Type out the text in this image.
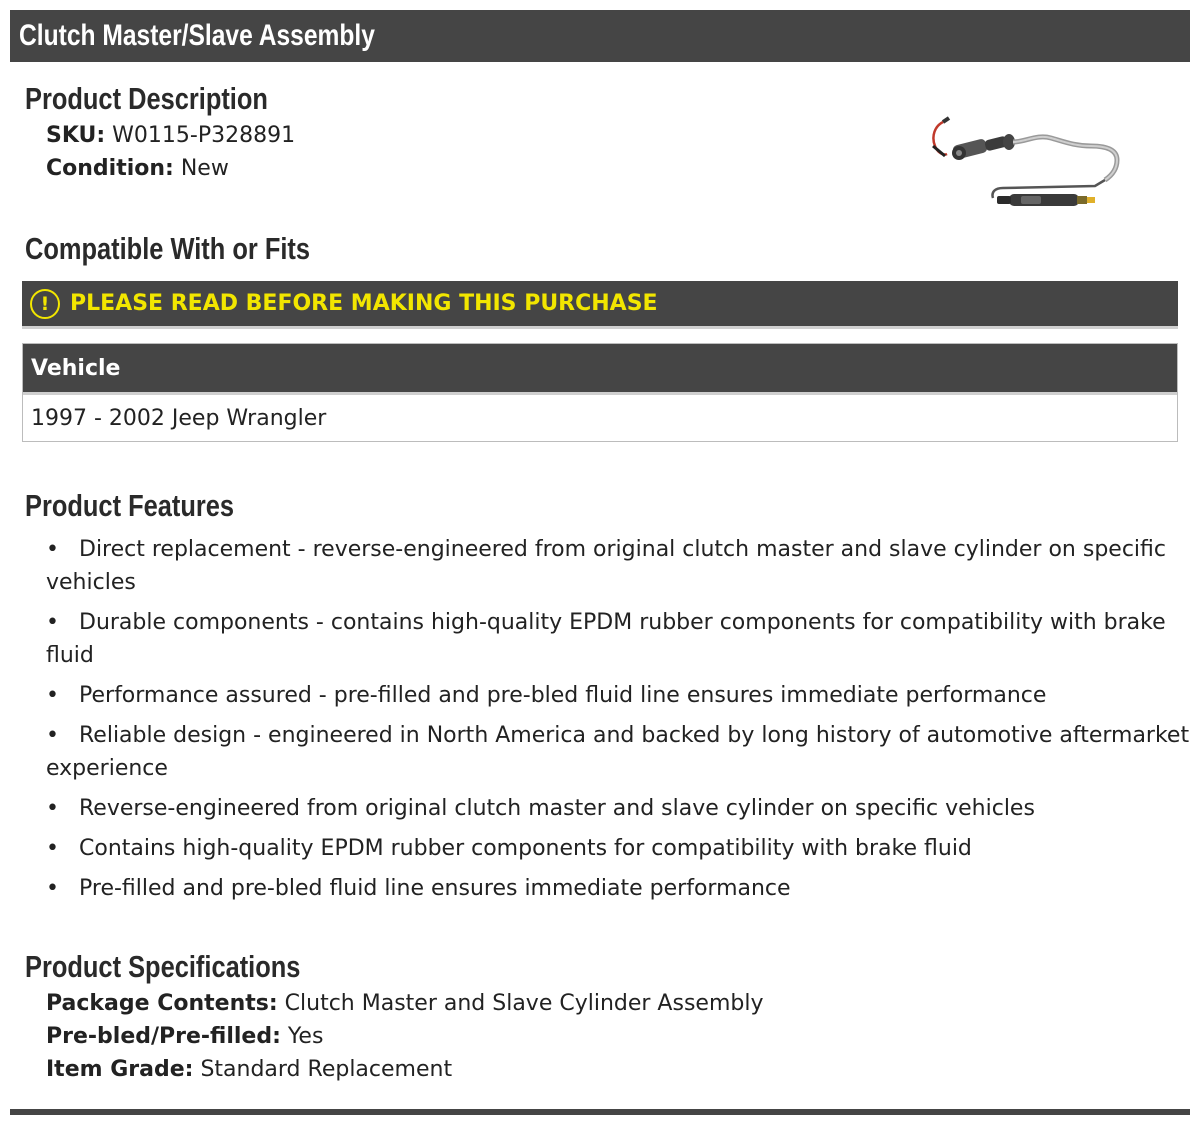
Clutch Master/Slave Assembly
Product Description
SKU: W0115-P328891
Condition: New
Compatible With or Fits
! PLEASE READ BEFORE MAKING THIS PURCHASE
Vehicle
1997 - 2002 Jeep Wrangler
Product Features
• Direct replacement - reverse-engineered from original clutch master and slave cylinder on specific vehicles
• Durable components - contains high-quality EPDM rubber components for compatibility with brake fluid
• Performance assured - pre-filled and pre-bled fluid line ensures immediate performance
• Reliable design - engineered in North America and backed by long history of automotive aftermarket experience
• Reverse-engineered from original clutch master and slave cylinder on specific vehicles
• Contains high-quality EPDM rubber components for compatibility with brake fluid
• Pre-filled and pre-bled fluid line ensures immediate performance
Product Specifications
Package Contents: Clutch Master and Slave Cylinder Assembly
Pre-bled/Pre-filled: Yes
Item Grade: Standard Replacement
